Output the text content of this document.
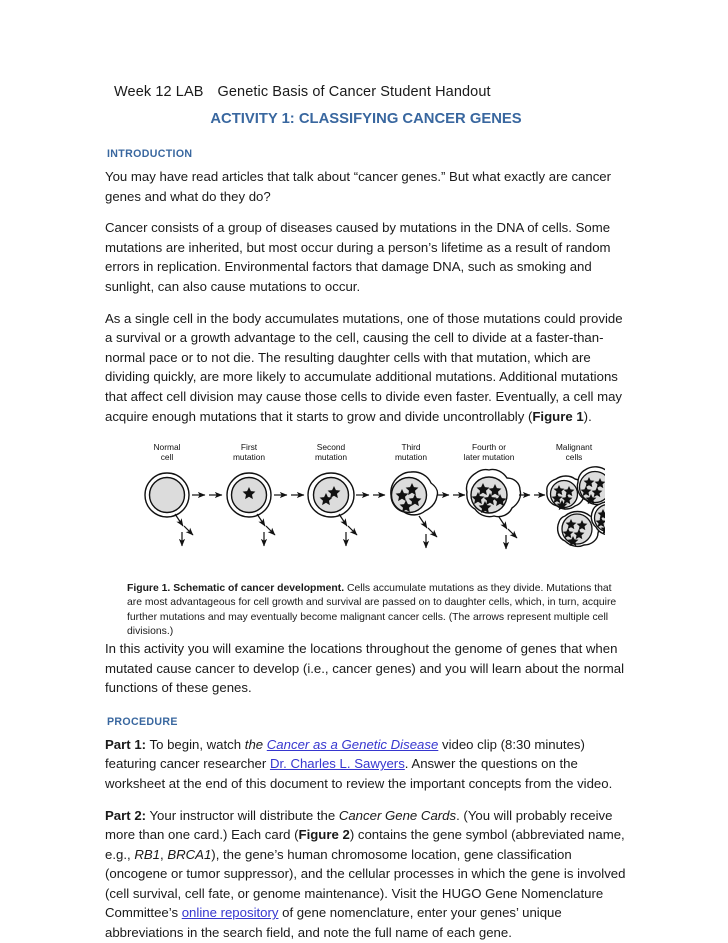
Week 12 LAB Genetic Basis of Cancer Student Handout
ACTIVITY 1: CLASSIFYING CANCER GENES
INTRODUCTION

You may have read articles that talk about “cancer genes.” But what exactly are cancer genes and what do they do?

Cancer consists of a group of diseases caused by mutations in the DNA of cells. Some mutations are inherited, but most occur during a person’s lifetime as a result of random errors in replication. Environmental factors that damage DNA, such as smoking and sunlight, can also cause mutations to occur.

As a single cell in the body accumulates mutations, one of those mutations could provide a survival or a growth advantage to the cell, causing the cell to divide at a faster-than-normal pace or to not die. The resulting daughter cells with that mutation, which are dividing quickly, are more likely to accumulate additional mutations. Additional mutations that affect cell division may cause those cells to divide even faster. Eventually, a cell may acquire enough mutations that it starts to grow and divide uncontrollably (Figure 1).

Normal
cell
First
mutation
Second
mutation
Third
mutation
Fourth or
later mutation
Malignant
cells

Figure 1. Schematic of cancer development. Cells accumulate mutations as they divide. Mutations that are most advantageous for cell growth and survival are passed on to daughter cells, which, in turn, acquire further mutations and may eventually become malignant cancer cells. (The arrows represent multiple cell divisions.)

In this activity you will examine the locations throughout the genome of genes that when mutated cause cancer to develop (i.e., cancer genes) and you will learn about the normal functions of these genes.

PROCEDURE

Part 1: To begin, watch the Cancer as a Genetic Disease video clip (8:30 minutes) featuring cancer researcher Dr. Charles L. Sawyers. Answer the questions on the worksheet at the end of this document to review the important concepts from the video.

Part 2: Your instructor will distribute the Cancer Gene Cards. (You will probably receive more than one card.) Each card (Figure 2) contains the gene symbol (abbreviated name, e.g., RB1, BRCA1), the gene’s human chromosome location, gene classification (oncogene or tumor suppressor), and the cellular processes in which the gene is involved (cell survival, cell fate, or genome maintenance). Visit the HUGO Gene Nomenclature Committee’s online repository of gene nomenclature, enter your genes’ unique abbreviations in the search field, and note the full name of each gene.
